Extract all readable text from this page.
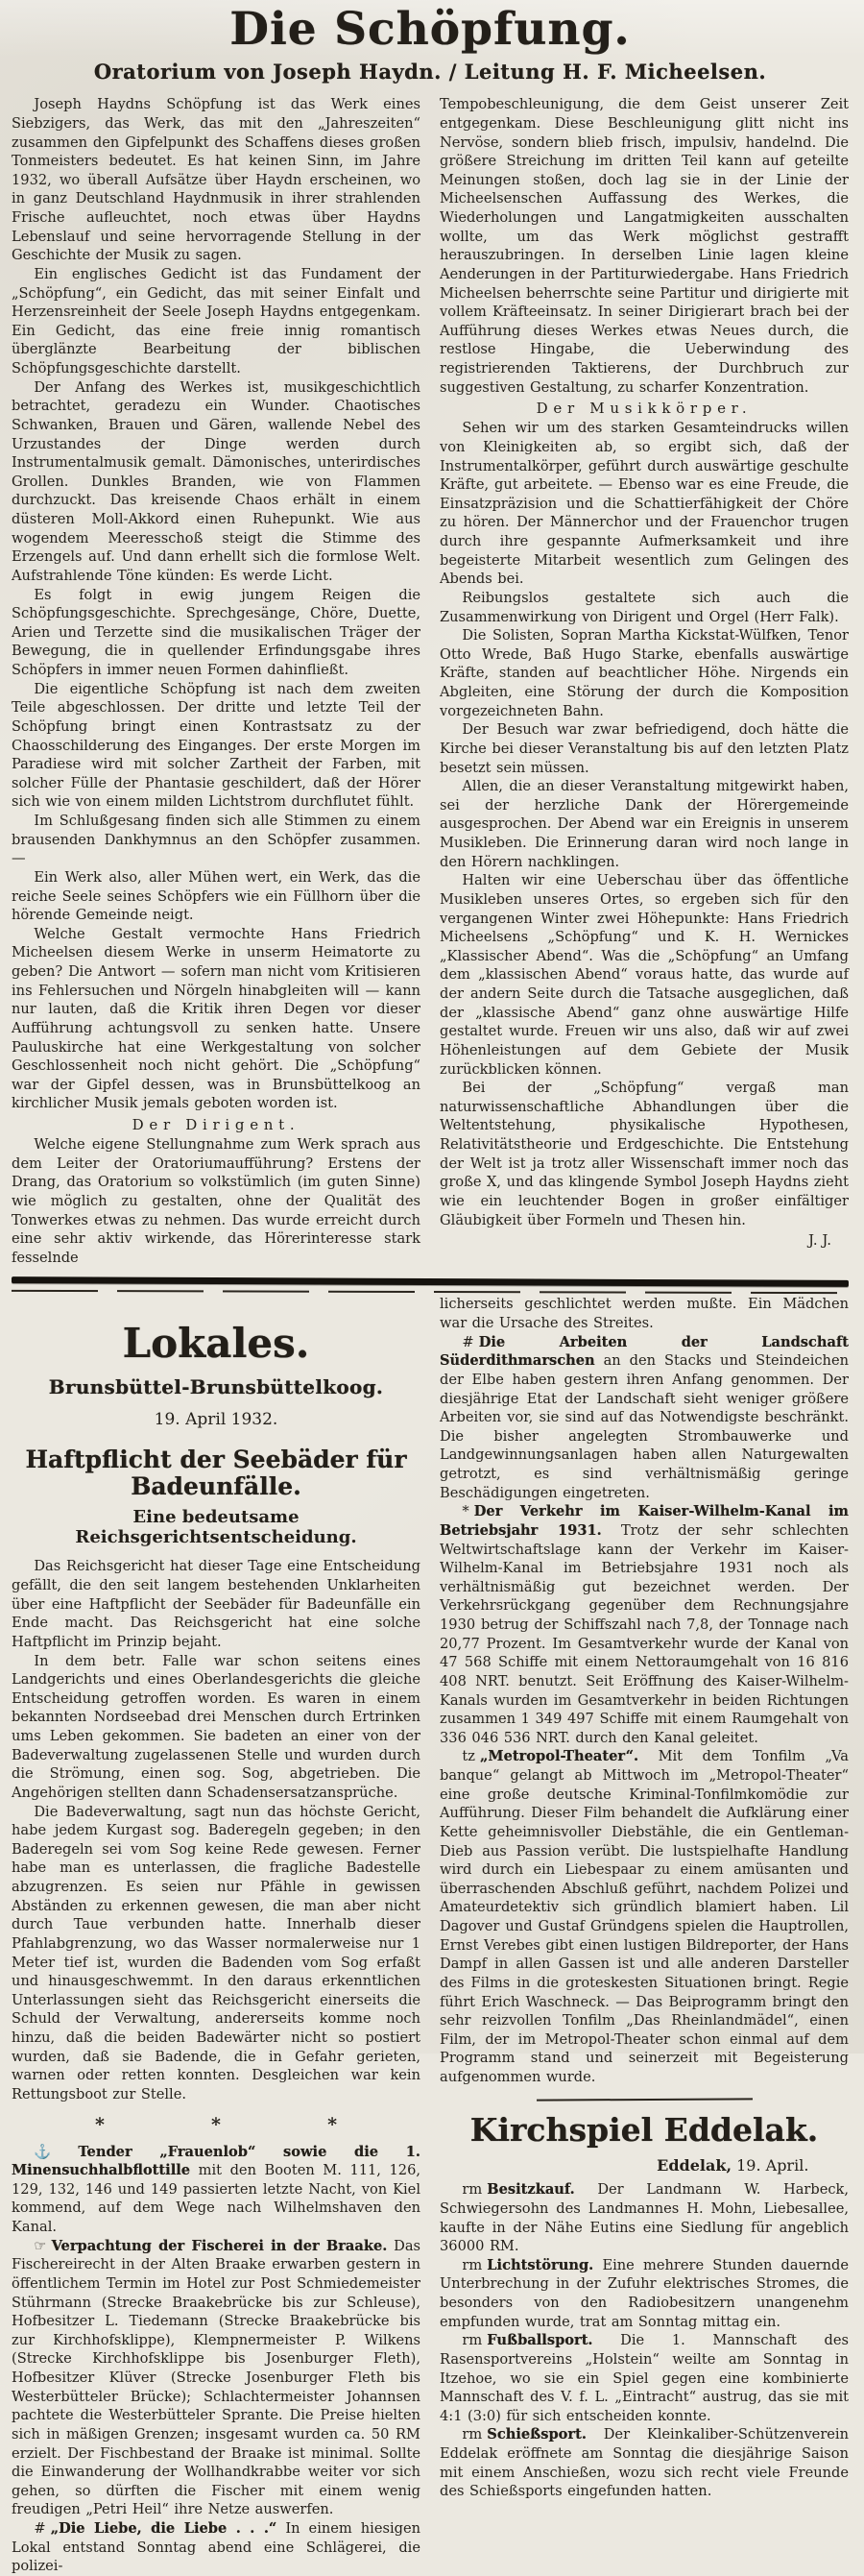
Die Schöpfung.
Oratorium von Joseph Haydn. / Leitung H. F. Micheelsen.

Joseph Haydns Schöpfung ist das Werk eines Siebzigers, das Werk, das mit den „Jahreszeiten“ zusammen den Gipfelpunkt des Schaffens dieses großen Tonmeisters bedeutet. Es hat keinen Sinn, im Jahre 1932, wo überall Aufsätze über Haydn erscheinen, wo in ganz Deutschland Haydnmusik in ihrer strahlenden Frische aufleuchtet, noch etwas über Haydns Lebenslauf und seine hervorragende Stellung in der Geschichte der Musik zu sagen.

Ein englisches Gedicht ist das Fundament der „Schöpfung“, ein Gedicht, das mit seiner Einfalt und Herzensreinheit der Seele Joseph Haydns entgegenkam. Ein Gedicht, das eine freie innig romantisch überglänzte Bearbeitung der biblischen Schöpfungsgeschichte darstellt.

Der Anfang des Werkes ist, musikgeschichtlich betrachtet, geradezu ein Wunder. Chaotisches Schwanken, Brauen und Gären, wallende Nebel des Urzustandes der Dinge werden durch Instrumentalmusik gemalt. Dämonisches, unterirdisches Grollen. Dunkles Branden, wie von Flammen durchzuckt. Das kreisende Chaos erhält in einem düsteren Moll-Akkord einen Ruhepunkt. Wie aus wogendem Meeresschoß steigt die Stimme des Erzengels auf. Und dann erhellt sich die formlose Welt. Aufstrahlende Töne künden: Es werde Licht.

Es folgt in ewig jungem Reigen die Schöpfungsgeschichte. Sprechgesänge, Chöre, Duette, Arien und Terzette sind die musikalischen Träger der Bewegung, die in quellender Erfindungsgabe ihres Schöpfers in immer neuen Formen dahinfließt.

Die eigentliche Schöpfung ist nach dem zweiten Teile abgeschlossen. Der dritte und letzte Teil der Schöpfung bringt einen Kontrastsatz zu der Chaosschilderung des Einganges. Der erste Morgen im Paradiese wird mit solcher Zartheit der Farben, mit solcher Fülle der Phantasie geschildert, daß der Hörer sich wie von einem milden Lichtstrom durchflutet fühlt.

Im Schlußgesang finden sich alle Stimmen zu einem brausenden Dankhymnus an den Schöpfer zusammen. —

Ein Werk also, aller Mühen wert, ein Werk, das die reiche Seele seines Schöpfers wie ein Füllhorn über die hörende Gemeinde neigt.

Welche Gestalt vermochte Hans Friedrich Micheelsen diesem Werke in unserm Heimatorte zu geben? Die Antwort — sofern man nicht vom Kritisieren ins Fehlersuchen und Nörgeln hinabgleiten will — kann nur lauten, daß die Kritik ihren Degen vor dieser Aufführung achtungsvoll zu senken hatte. Unsere Pauluskirche hat eine Werkgestaltung von solcher Geschlossenheit noch nicht gehört. Die „Schöpfung“ war der Gipfel dessen, was in Brunsbüttelkoog an kirchlicher Musik jemals geboten worden ist.

Der Dirigent.

Welche eigene Stellungnahme zum Werk sprach aus dem Leiter der Oratoriumaufführung? Erstens der Drang, das Oratorium so volkstümlich (im guten Sinne) wie möglich zu gestalten, ohne der Qualität des Tonwerkes etwas zu nehmen. Das wurde erreicht durch eine sehr aktiv wirkende, das Hörerinteresse stark fesselnde

Tempobeschleunigung, die dem Geist unserer Zeit entgegenkam. Diese Beschleunigung glitt nicht ins Nervöse, sondern blieb frisch, impulsiv, handelnd. Die größere Streichung im dritten Teil kann auf geteilte Meinungen stoßen, doch lag sie in der Linie der Micheelsenschen Auffassung des Werkes, die Wiederholungen und Langatmigkeiten ausschalten wollte, um das Werk möglichst gestrafft herauszubringen. In derselben Linie lagen kleine Aenderungen in der Partiturwiedergabe. Hans Friedrich Micheelsen beherrschte seine Partitur und dirigierte mit vollem Kräfteeinsatz. In seiner Dirigierart brach bei der Aufführung dieses Werkes etwas Neues durch, die restlose Hingabe, die Ueberwindung des registrierenden Taktierens, der Durchbruch zur suggestiven Gestaltung, zu scharfer Konzentration.

Der Musikkörper.

Sehen wir um des starken Gesamteindrucks willen von Kleinigkeiten ab, so ergibt sich, daß der Instrumentalkörper, geführt durch auswärtige geschulte Kräfte, gut arbeitete. — Ebenso war es eine Freude, die Einsatzpräzision und die Schattierfähigkeit der Chöre zu hören. Der Männerchor und der Frauenchor trugen durch ihre gespannte Aufmerksamkeit und ihre begeisterte Mitarbeit wesentlich zum Gelingen des Abends bei.

Reibungslos gestaltete sich auch die Zusammenwirkung von Dirigent und Orgel (Herr Falk).

Die Solisten, Sopran Martha Kickstat-Wülfken, Tenor Otto Wrede, Baß Hugo Starke, ebenfalls auswärtige Kräfte, standen auf beachtlicher Höhe. Nirgends ein Abgleiten, eine Störung der durch die Komposition vorgezeichneten Bahn.

Der Besuch war zwar befriedigend, doch hätte die Kirche bei dieser Veranstaltung bis auf den letzten Platz besetzt sein müssen.

Allen, die an dieser Veranstaltung mitgewirkt haben, sei der herzliche Dank der Hörergemeinde ausgesprochen. Der Abend war ein Ereignis in unserem Musikleben. Die Erinnerung daran wird noch lange in den Hörern nachklingen.

Halten wir eine Ueberschau über das öffentliche Musikleben unseres Ortes, so ergeben sich für den vergangenen Winter zwei Höhepunkte: Hans Friedrich Micheelsens „Schöpfung“ und K. H. Wernickes „Klassischer Abend“. Was die „Schöpfung“ an Umfang dem „klassischen Abend“ voraus hatte, das wurde auf der andern Seite durch die Tatsache ausgeglichen, daß der „klassische Abend“ ganz ohne auswärtige Hilfe gestaltet wurde. Freuen wir uns also, daß wir auf zwei Höhenleistungen auf dem Gebiete der Musik zurückblicken können.

Bei der „Schöpfung“ vergaß man naturwissenschaftliche Abhandlungen über die Weltentstehung, physikalische Hypothesen, Relativitätstheorie und Erdgeschichte. Die Entstehung der Welt ist ja trotz aller Wissenschaft immer noch das große X, und das klingende Symbol Joseph Haydns zieht wie ein leuchtender Bogen in großer einfältiger Gläubigkeit über Formeln und Thesen hin.

J. J.
Lokales.
Brunsbüttel-Brunsbüttelkoog.
19. April 1932.
Haftpflicht der Seebäder für Badeunfälle.
Eine bedeutsame Reichsgerichtsentscheidung.

Das Reichsgericht hat dieser Tage eine Entscheidung gefällt, die den seit langem bestehenden Unklarheiten über eine Haftpflicht der Seebäder für Badeunfälle ein Ende macht. Das Reichsgericht hat eine solche Haftpflicht im Prinzip bejaht.

In dem betr. Falle war schon seitens eines Landgerichts und eines Oberlandesgerichts die gleiche Entscheidung getroffen worden. Es waren in einem bekannten Nordseebad drei Menschen durch Ertrinken ums Leben gekommen. Sie badeten an einer von der Badeverwaltung zugelassenen Stelle und wurden durch die Strömung, einen sog. Sog, abgetrieben. Die Angehörigen stellten dann Schadensersatzansprüche.

Die Badeverwaltung, sagt nun das höchste Gericht, habe jedem Kurgast sog. Baderegeln gegeben; in den Baderegeln sei vom Sog keine Rede gewesen. Ferner habe man es unterlassen, die fragliche Badestelle abzugrenzen. Es seien nur Pfähle in gewissen Abständen zu erkennen gewesen, die man aber nicht durch Taue verbunden hatte. Innerhalb dieser Pfahlabgrenzung, wo das Wasser normalerweise nur 1 Meter tief ist, wurden die Badenden vom Sog erfaßt und hinausgeschwemmt. In den daraus erkenntlichen Unterlassungen sieht das Reichsgericht einerseits die Schuld der Verwaltung, andererseits komme noch hinzu, daß die beiden Badewärter nicht so postiert wurden, daß sie Badende, die in Gefahr gerieten, warnen oder retten konnten. Desgleichen war kein Rettungsboot zur Stelle.

* * *

⚓ Tender „Frauenlob“ sowie die 1. Minensuchhalbflottille mit den Booten M. 111, 126, 129, 132, 146 und 149 passierten letzte Nacht, von Kiel kommend, auf dem Wege nach Wilhelmshaven den Kanal.

☞ Verpachtung der Fischerei in der Braake. Das Fischereirecht in der Alten Braake erwarben gestern in öffentlichem Termin im Hotel zur Post Schmiedemeister Stührmann (Strecke Braakebrücke bis zur Schleuse), Hofbesitzer L. Tiedemann (Strecke Braakebrücke bis zur Kirchhofsklippe), Klempnermeister P. Wilkens (Strecke Kirchhofsklippe bis Josenburger Fleth), Hofbesitzer Klüver (Strecke Josenburger Fleth bis Westerbütteler Brücke); Schlachtermeister Johannsen pachtete die Westerbütteler Sprante. Die Preise hielten sich in mäßigen Grenzen; insgesamt wurden ca. 50 RM erzielt. Der Fischbestand der Braake ist minimal. Sollte die Einwanderung der Wollhandkrabbe weiter vor sich gehen, so dürften die Fischer mit einem wenig freudigen „Petri Heil“ ihre Netze auswerfen.

# „Die Liebe, die Liebe . . .“ In einem hiesigen Lokal entstand Sonntag abend eine Schlägerei, die polizei-

licherseits geschlichtet werden mußte. Ein Mädchen war die Ursache des Streites.

# Die Arbeiten der Landschaft Süderdithmarschen an den Stacks und Steindeichen der Elbe haben gestern ihren Anfang genommen. Der diesjährige Etat der Landschaft sieht weniger größere Arbeiten vor, sie sind auf das Notwendigste beschränkt. Die bisher angelegten Strombauwerke und Landgewinnungsanlagen haben allen Naturgewalten getrotzt, es sind verhältnismäßig geringe Beschädigungen eingetreten.

* Der Verkehr im Kaiser-Wilhelm-Kanal im Betriebsjahr 1931. Trotz der sehr schlechten Weltwirtschaftslage kann der Verkehr im Kaiser-Wilhelm-Kanal im Betriebsjahre 1931 noch als verhältnismäßig gut bezeichnet werden. Der Verkehrsrückgang gegenüber dem Rechnungsjahre 1930 betrug der Schiffszahl nach 7,8, der Tonnage nach 20,77 Prozent. Im Gesamtverkehr wurde der Kanal von 47 568 Schiffe mit einem Nettoraumgehalt von 16 816 408 NRT. benutzt. Seit Eröffnung des Kaiser-Wilhelm-Kanals wurden im Gesamtverkehr in beiden Richtungen zusammen 1 349 497 Schiffe mit einem Raumgehalt von 336 046 536 NRT. durch den Kanal geleitet.

tz „Metropol-Theater“. Mit dem Tonfilm „Va banque“ gelangt ab Mittwoch im „Metropol-Theater“ eine große deutsche Kriminal-Tonfilmkomödie zur Aufführung. Dieser Film behandelt die Aufklärung einer Kette geheimnisvoller Diebstähle, die ein Gentleman-Dieb aus Passion verübt. Die lustspielhafte Handlung wird durch ein Liebespaar zu einem amüsanten und überraschenden Abschluß geführt, nachdem Polizei und Amateurdetektiv sich gründlich blamiert haben. Lil Dagover und Gustaf Gründgens spielen die Hauptrollen, Ernst Verebes gibt einen lustigen Bildreporter, der Hans Dampf in allen Gassen ist und alle anderen Darsteller des Films in die groteskesten Situationen bringt. Regie führt Erich Waschneck. — Das Beiprogramm bringt den sehr reizvollen Tonfilm „Das Rheinlandmädel“, einen Film, der im Metropol-Theater schon einmal auf dem Programm stand und seinerzeit mit Begeisterung aufgenommen wurde.

Kirchspiel Eddelak.
Eddelak, 19. April.

rm Besitzkauf. Der Landmann W. Harbeck, Schwiegersohn des Landmannes H. Mohn, Liebesallee, kaufte in der Nähe Eutins eine Siedlung für angeblich 36000 RM.

rm Lichtstörung. Eine mehrere Stunden dauernde Unterbrechung in der Zufuhr elektrisches Stromes, die besonders von den Radiobesitzern unangenehm empfunden wurde, trat am Sonntag mittag ein.

rm Fußballsport. Die 1. Mannschaft des Rasensportvereins „Holstein“ weilte am Sonntag in Itzehoe, wo sie ein Spiel gegen eine kombinierte Mannschaft des V. f. L. „Eintracht“ austrug, das sie mit 4:1 (3:0) für sich entscheiden konnte.

rm Schießsport. Der Kleinkaliber-Schützenverein Eddelak eröffnete am Sonntag die diesjährige Saison mit einem Anschießen, wozu sich recht viele Freunde des Schießsports eingefunden hatten.
